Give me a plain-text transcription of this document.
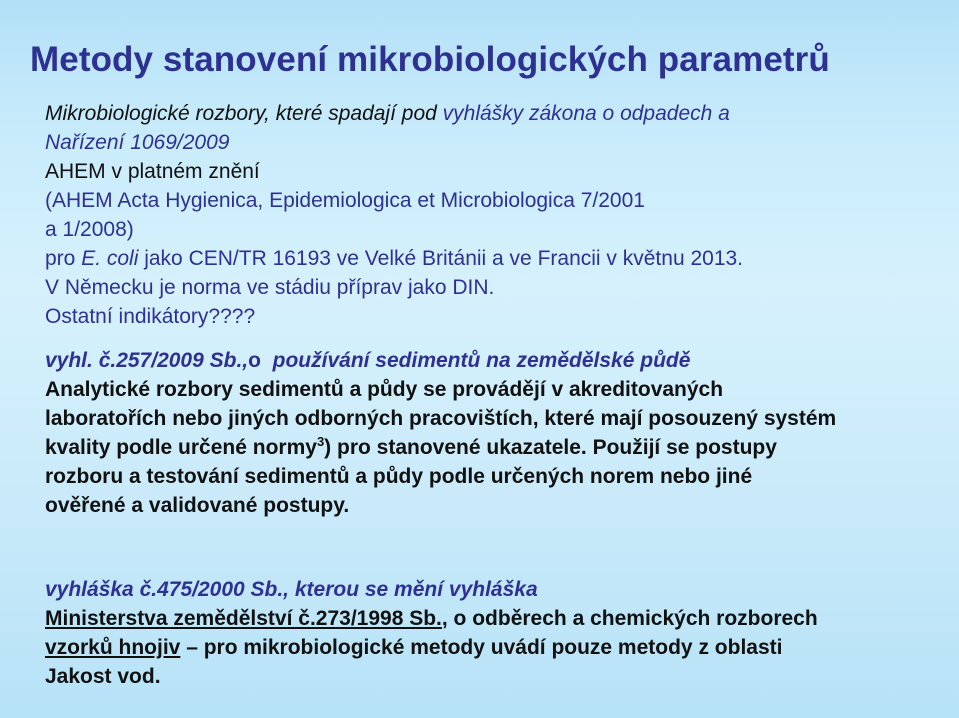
Metody stanovení mikrobiologických parametrů
Mikrobiologické rozbory, které spadají pod vyhlášky zákona o odpadech a
Nařízení 1069/2009
AHEM v platném znění
(AHEM Acta Hygienica, Epidemiologica et Microbiologica 7/2001
a 1/2008)
pro E. coli jako CEN/TR 16193 ve Velké Británii a ve Francii v květnu 2013.
V Německu je norma ve stádiu příprav jako DIN.
Ostatní indikátory????
vyhl. č.257/2009 Sb.,o  používání sedimentů na zemědělské půdě
Analytické rozbory sedimentů a půdy se provádějí v akreditovaných
laboratořích nebo jiných odborných pracovištích, které mají posouzený systém
kvality podle určené normy$^3$) pro stanovené ukazatele. Použijí se postupy
rozboru a testování sedimentů a půdy podle určených norem nebo jiné
ověřené a validované postupy.
vyhláška č.475/2000 Sb., kterou se mění vyhláška
Ministerstva zemědělství č.273/1998 Sb., o odběrech a chemických rozborech
vzorků hnojiv – pro mikrobiologické metody uvádí pouze metody z oblasti
Jakost vod.
